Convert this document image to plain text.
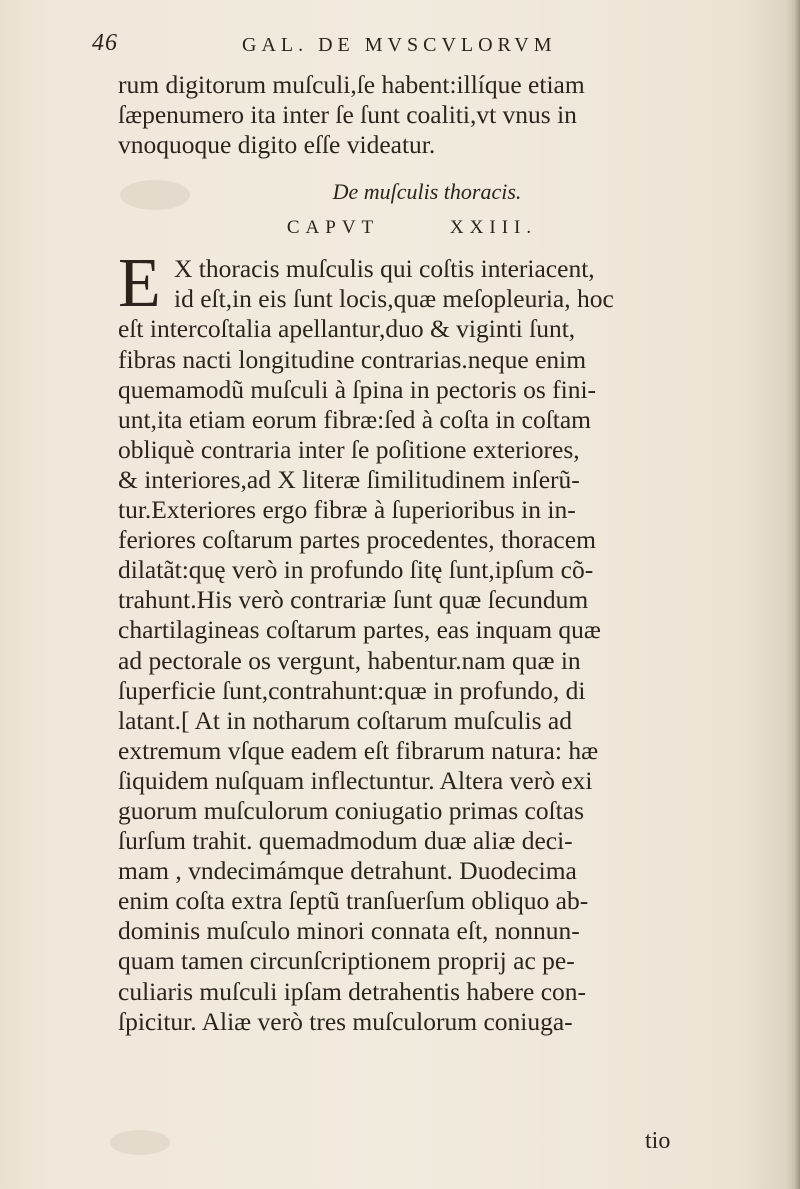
46	GAL. DE MVSCVLORVM
rum digitorum muſculi,ſe habent:illíque etiam
ſæpenumero ita inter ſe ſunt coaliti,vt vnus in
vnoquoque digito eſſe videatur.
De muſculis thoracis.
CAPVT	XXIII.
E X thoracis muſculis qui coſtis interiacent,
id eſt,in eis ſunt locis,quæ meſopleuria, hoc
eſt intercoſtalia apellantur,duo & viginti ſunt,
fibras nacti longitudine contrarias.neque enim
quemamodũ muſculi à ſpina in pectoris os fini-
unt,ita etiam eorum fibræ:ſed à coſta in coſtam
obliquè contraria inter ſe poſitione exteriores,
& interiores,ad X literæ ſimilitudinem inſerũ-
tur.Exteriores ergo fibræ à ſuperioribus in in-
feriores coſtarum partes procedentes, thoracem
dilatãt:quę verò in profundo ſitę ſunt,ipſum cõ-
trahunt.His verò contrariæ ſunt quæ ſecundum
chartilagineas coſtarum partes, eas inquam quæ
ad pectorale os vergunt, habentur.nam quæ in
ſuperficie ſunt,contrahunt:quæ in profundo, di
latant.[ At in notharum coſtarum muſculis ad
extremum vſque eadem eſt fibrarum natura: hæ
ſiquidem nuſquam inflectuntur. Altera verò exi
guorum muſculorum coniugatio primas coſtas
ſurſum trahit. quemadmodum duæ aliæ deci-
mam , vndecimámque detrahunt. Duodecima
enim coſta extra ſeptũ tranſuerſum obliquo ab-
dominis muſculo minori connata eſt, nonnun-
quam tamen circunſcriptionem proprij ac pe-
culiaris muſculi ipſam detrahentis habere con-
ſpicitur. Aliæ verò tres muſculorum coniuga-
tio
